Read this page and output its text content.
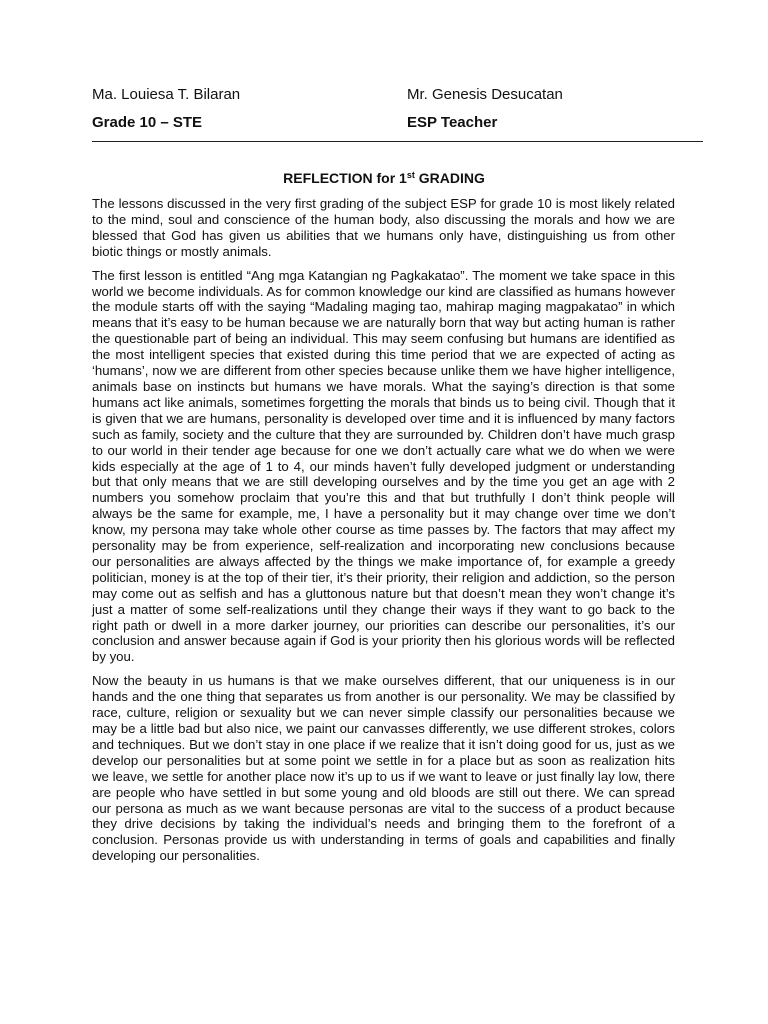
Ma. Louiesa T. Bilaran	Mr. Genesis Desucatan
Grade 10 – STE	ESP Teacher
REFLECTION for 1st GRADING

The lessons discussed in the very first grading of the subject ESP for grade 10 is most likely related to the mind, soul and conscience of the human body, also discussing the morals and how we are blessed that God has given us abilities that we humans only have, distinguishing us from other biotic things or mostly animals.

The first lesson is entitled “Ang mga Katangian ng Pagkakatao”. The moment we take space in this world we become individuals. As for common knowledge our kind are classified as humans however the module starts off with the saying “Madaling maging tao, mahirap maging magpakatao” in which means that it’s easy to be human because we are naturally born that way but acting human is rather the questionable part of being an individual. This may seem confusing but humans are identified as the most intelligent species that existed during this time period that we are expected of acting as ‘humans’, now we are different from other species because unlike them we have higher intelligence, animals base on instincts but humans we have morals. What the saying’s direction is that some humans act like animals, sometimes forgetting the morals that binds us to being civil. Though that it is given that we are humans, personality is developed over time and it is influenced by many factors such as family, society and the culture that they are surrounded by. Children don’t have much grasp to our world in their tender age because for one we don’t actually care what we do when we were kids especially at the age of 1 to 4, our minds haven’t fully developed judgment or understanding but that only means that we are still developing ourselves and by the time you get an age with 2 numbers you somehow proclaim that you’re this and that but truthfully I don’t think people will always be the same for example, me, I have a personality but it may change over time we don’t know, my persona may take whole other course as time passes by. The factors that may affect my personality may be from experience, self-realization and incorporating new conclusions because our personalities are always affected by the things we make importance of, for example a greedy politician, money is at the top of their tier, it’s their priority, their religion and addiction, so the person may come out as selfish and has a gluttonous nature but that doesn’t mean they won’t change it’s just a matter of some self-realizations until they change their ways if they want to go back to the right path or dwell in a more darker journey, our priorities can describe our personalities, it’s our conclusion and answer because again if God is your priority then his glorious words will be reflected by you.

Now the beauty in us humans is that we make ourselves different, that our uniqueness is in our hands and the one thing that separates us from another is our personality. We may be classified by race, culture, religion or sexuality but we can never simple classify our personalities because we may be a little bad but also nice, we paint our canvasses differently, we use different strokes, colors and techniques. But we don’t stay in one place if we realize that it isn’t doing good for us, just as we develop our personalities but at some point we settle in for a place but as soon as realization hits we leave, we settle for another place now it’s up to us if we want to leave or just finally lay low, there are people who have settled in but some young and old bloods are still out there. We can spread our persona as much as we want because personas are vital to the success of a product because they drive decisions by taking the individual’s needs and bringing them to the forefront of a conclusion. Personas provide us with understanding in terms of goals and capabilities and finally developing our personalities.
